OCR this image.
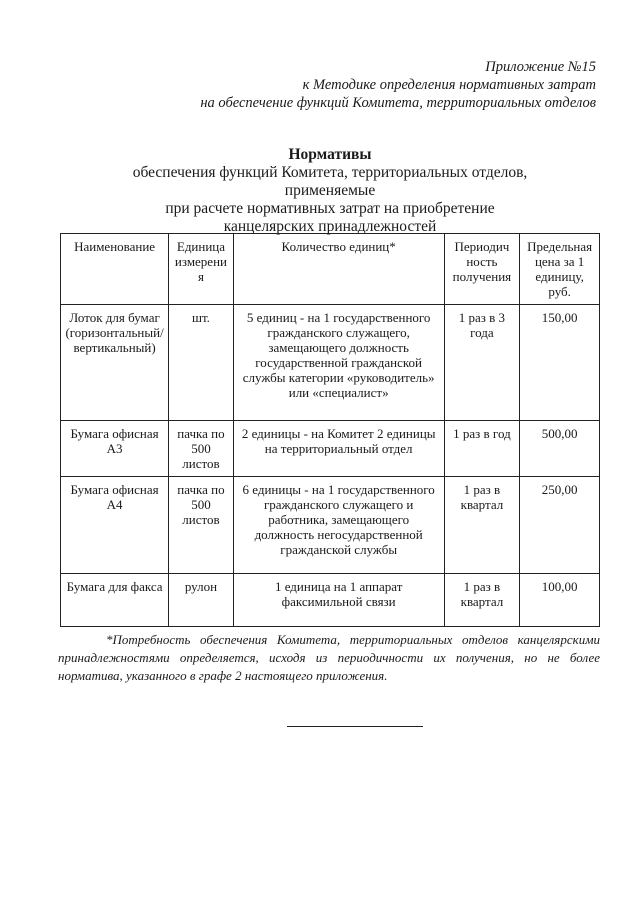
Приложение №15
к Методике определения нормативных затрат
на обеспечение функций Комитета, территориальных отделов
Нормативы
обеспечения функций Комитета, территориальных отделов, применяемые
при расчете нормативных затрат на приобретение
канцелярских принадлежностей
Наименование	Единица измерени я	Количество единиц*	Периодич ность получения	Предельная цена за 1 единицу, руб.
Лоток для бумаг (горизонтальный/ вертикальный)	шт.	5 единиц - на 1 государственного гражданского служащего, замещающего должность государственной гражданской службы категории «руководитель» или «специалист»	1 раз в 3 года	150,00
Бумага офисная А3	пачка по 500 листов	2 единицы - на Комитет 2 единицы на территориальный отдел	1 раз в год	500,00
Бумага офисная А4	пачка по 500 листов	6 единицы - на 1 государственного гражданского служащего и работника, замещающего должность негосударственной гражданской службы	1 раз в квартал	250,00
Бумага для факса	рулон	1 единица на 1 аппарат факсимильной связи	1 раз в квартал	100,00
*Потребность обеспечения Комитета, территориальных отделов канцелярскими принадлежностями определяется, исходя из периодичности их получения, но не более норматива, указанного в графе 2 настоящего приложения.
